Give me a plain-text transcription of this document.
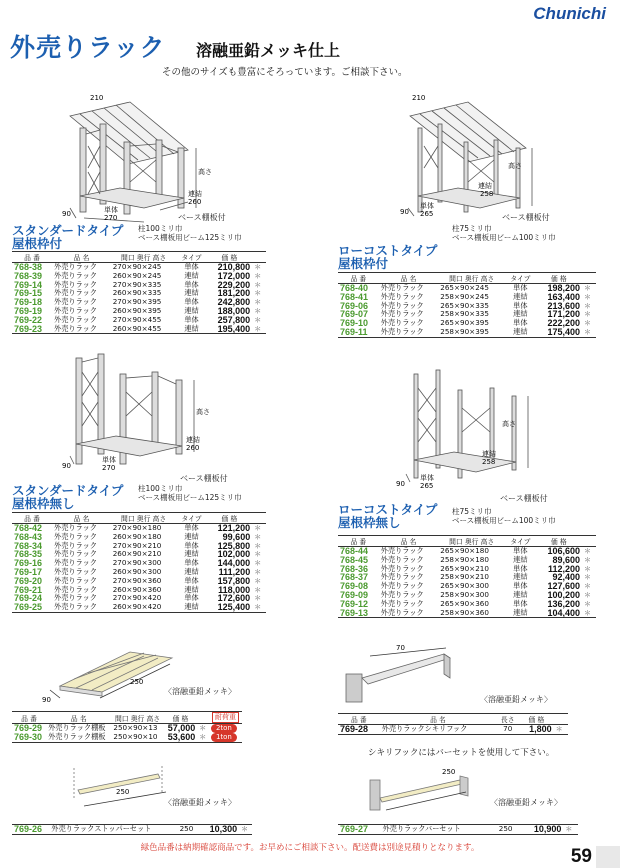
Chunichi
外売りラック 溶融亜鉛メッキ仕上
その他のサイズも豊富にそろっています。ご相談下さい。
210
高さ
連結
260
単体
270
90	ベース棚板付
210
高さ
連結
258
単体
265
90
ベース棚板付
スタンダードタイプ
屋根枠付
柱100ミリ巾
ベース棚板用ビーム125ミリ巾
品 番	品 名	間口 奥行 高さ	タイプ	価 格	
768-38	外売りラック	270×90×245	単体	210,800	＊
768-39	外売りラック	260×90×245	連結	172,000	＊
769-14	外売りラック	270×90×335	単体	229,200	＊
769-15	外売りラック	260×90×335	連結	181,200	＊
769-18	外売りラック	270×90×395	単体	242,800	＊
769-19	外売りラック	260×90×395	連結	188,000	＊
769-22	外売りラック	270×90×455	単体	257,800	＊
769-23	外売りラック	260×90×455	連結	195,400	＊
柱75ミリ巾
ベース棚板用ビーム100ミリ巾
ローコストタイプ
屋根枠付
品 番	品 名	間口 奥行 高さ	タイプ	価 格	
768-40	外売りラック	265×90×245	単体	198,200	＊
768-41	外売りラック	258×90×245	連結	163,400	＊
769-06	外売りラック	265×90×335	単体	213,600	＊
769-07	外売りラック	258×90×335	連結	171,200	＊
769-10	外売りラック	265×90×395	単体	222,200	＊
769-11	外売りラック	258×90×395	連結	175,400	＊
高さ
連結
260
単体
270
90
ベース棚板付
高さ
連結
258
単体
265
90
ベース棚板付
スタンダードタイプ
屋根枠無し
柱100ミリ巾
ベース棚板用ビーム125ミリ巾
品 番	品 名	間口 奥行 高さ	タイプ	価 格	
768-42	外売りラック	270×90×180	単体	121,200	＊
768-43	外売りラック	260×90×180	連結	99,600	＊
768-34	外売りラック	270×90×210	単体	125,800	＊
768-35	外売りラック	260×90×210	連結	102,000	＊
769-16	外売りラック	270×90×300	単体	144,000	＊
769-17	外売りラック	260×90×300	連結	111,200	＊
769-20	外売りラック	270×90×360	単体	157,800	＊
769-21	外売りラック	260×90×360	連結	118,000	＊
769-24	外売りラック	270×90×420	単体	172,600	＊
769-25	外売りラック	260×90×420	連結	125,400	＊
ローコストタイプ
屋根枠無し
柱75ミリ巾
ベース棚板用ビーム100ミリ巾
品 番	品 名	間口 奥行 高さ	タイプ	価 格	
768-44	外売りラック	265×90×180	単体	106,600	＊
768-45	外売りラック	258×90×180	連結	89,600	＊
768-36	外売りラック	265×90×210	単体	112,200	＊
768-37	外売りラック	258×90×210	連結	92,400	＊
769-08	外売りラック	265×90×300	単体	127,600	＊
769-09	外売りラック	258×90×300	連結	100,200	＊
769-12	外売りラック	265×90×360	単体	136,200	＊
769-13	外売りラック	258×90×360	連結	104,400	＊
250
90
〈溶融亜鉛メッキ〉
品 番	品 名	間口 奥行 高さ	価 格		耐荷重
769-29	外売りラック棚板	250×90×13	57,000	＊	2ton
769-30	外売りラック棚板	250×90×10	53,600	＊	1ton
70
〈溶融亜鉛メッキ〉
品 番	品 名	長さ	価 格	
769-28	外売りラックシキリフック	70	1,800	＊
シキリフックにはバーセットを使用して下さい。
250
〈溶融亜鉛メッキ〉
769-26	外売りラックストッパーセット	250	10,300	＊
250
〈溶融亜鉛メッキ〉
769-27	外売りラックバーセット	250	10,900	＊
緑色品番は納期確認商品です。お早めにご相談下さい。配送費は別途見積りとなります。	59
